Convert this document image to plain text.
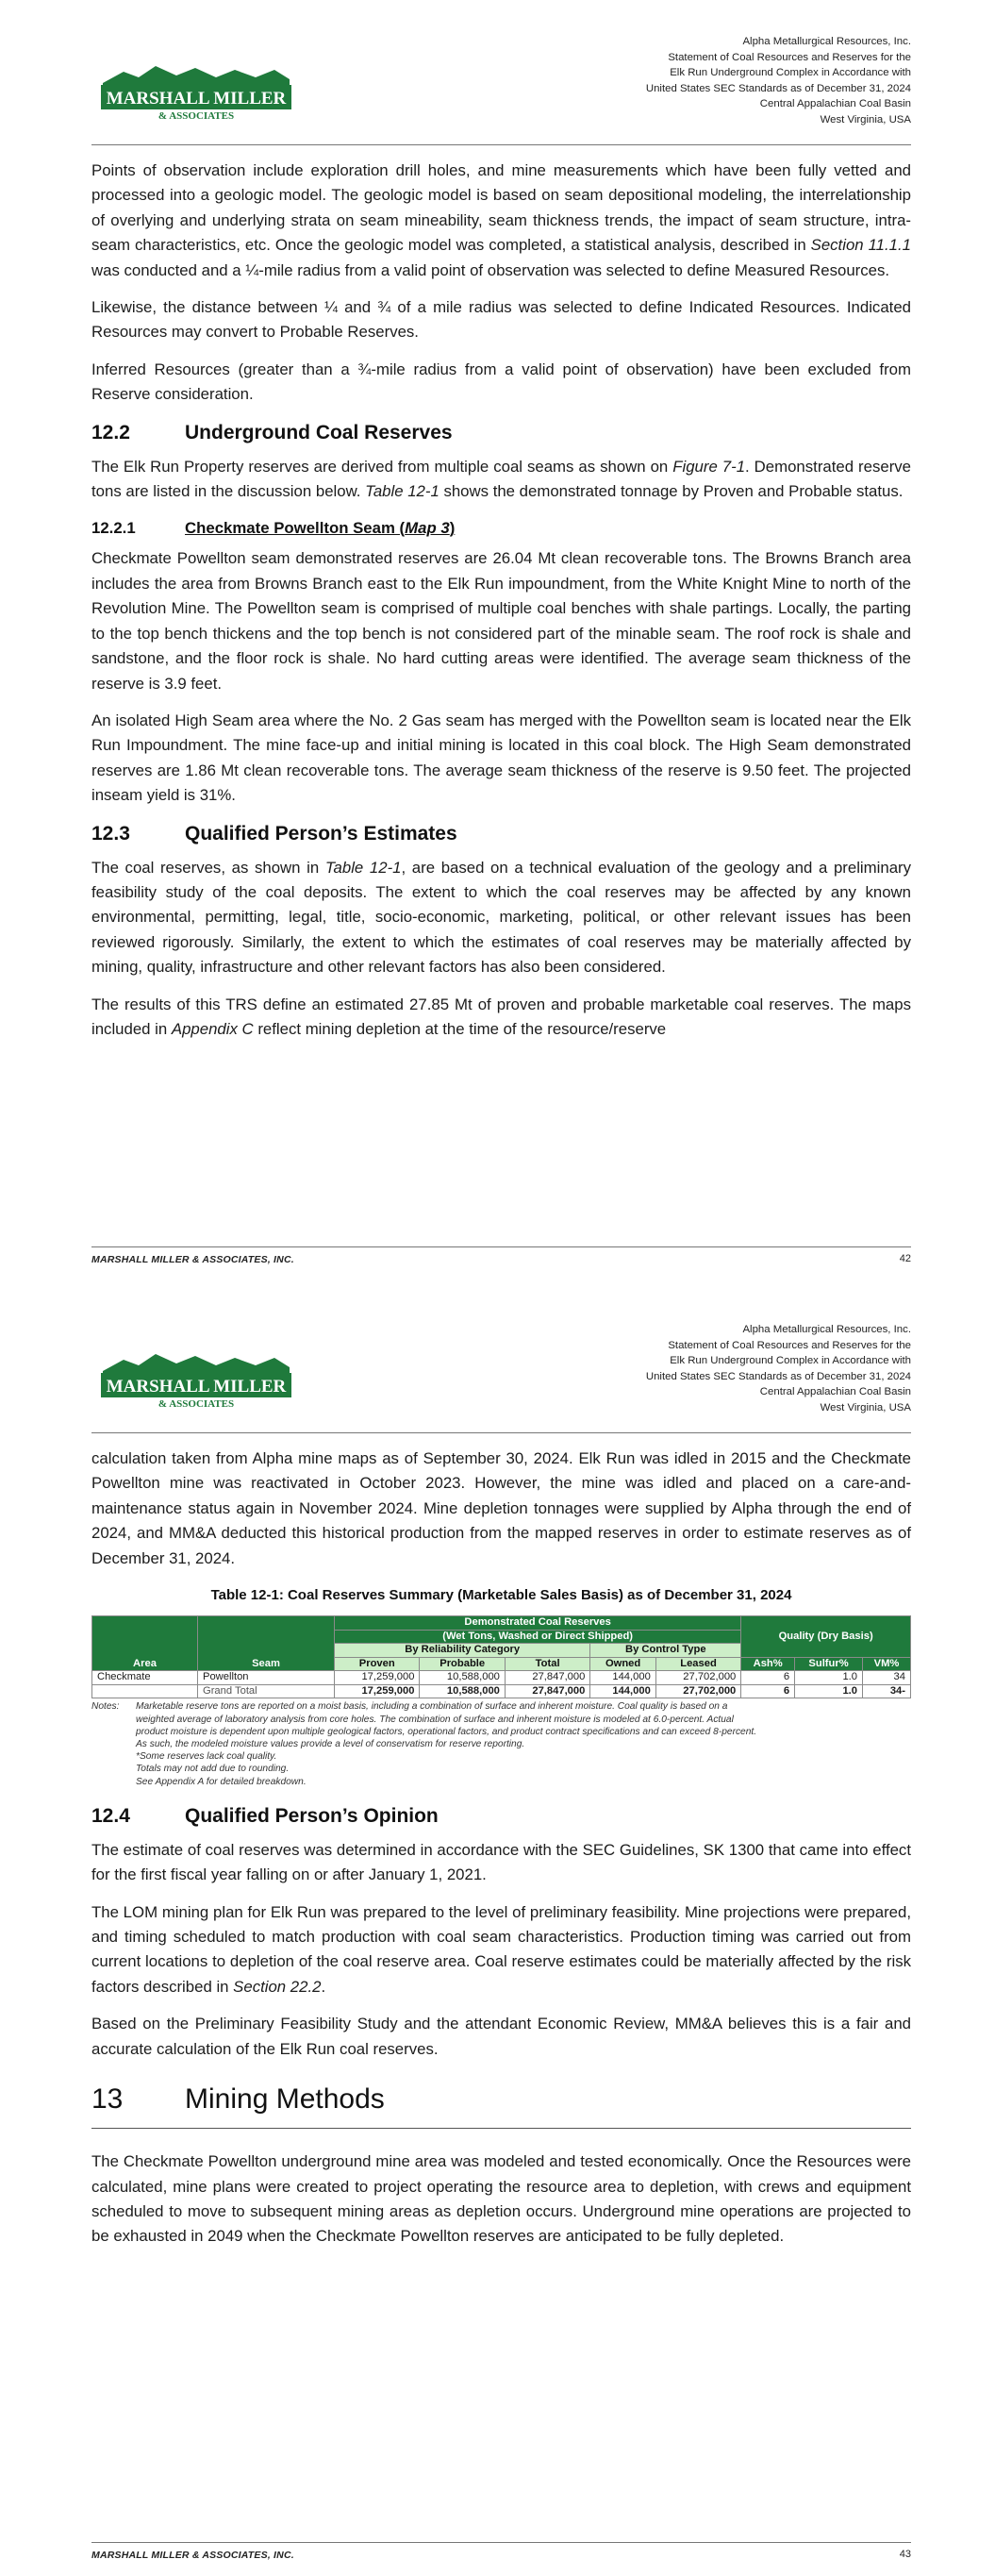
MARSHALL MILLER
& ASSOCIATES
Alpha Metallurgical Resources, Inc.
Statement of Coal Resources and Reserves for the
Elk Run Underground Complex in Accordance with
United States SEC Standards as of December 31, 2024
Central Appalachian Coal Basin
West Virginia, USA

Points of observation include exploration drill holes, and mine measurements which have been fully vetted and processed into a geologic model. The geologic model is based on seam depositional modeling, the interrelationship of overlying and underlying strata on seam mineability, seam thickness trends, the impact of seam structure, intra-seam characteristics, etc. Once the geologic model was completed, a statistical analysis, described in Section 11.1.1 was conducted and a ¼-mile radius from a valid point of observation was selected to define Measured Resources.

Likewise, the distance between ¼ and ¾ of a mile radius was selected to define Indicated Resources. Indicated Resources may convert to Probable Reserves.

Inferred Resources (greater than a ¾-mile radius from a valid point of observation) have been excluded from Reserve consideration.

12.2	Underground Coal Reserves

The Elk Run Property reserves are derived from multiple coal seams as shown on Figure 7-1. Demonstrated reserve tons are listed in the discussion below. Table 12-1 shows the demonstrated tonnage by Proven and Probable status.

12.2.1	Checkmate Powellton Seam (Map 3)

Checkmate Powellton seam demonstrated reserves are 26.04 Mt clean recoverable tons. The Browns Branch area includes the area from Browns Branch east to the Elk Run impoundment, from the White Knight Mine to north of the Revolution Mine. The Powellton seam is comprised of multiple coal benches with shale partings. Locally, the parting to the top bench thickens and the top bench is not considered part of the minable seam. The roof rock is shale and sandstone, and the floor rock is shale. No hard cutting areas were identified. The average seam thickness of the reserve is 3.9 feet.

An isolated High Seam area where the No. 2 Gas seam has merged with the Powellton seam is located near the Elk Run Impoundment. The mine face-up and initial mining is located in this coal block. The High Seam demonstrated reserves are 1.86 Mt clean recoverable tons. The average seam thickness of the reserve is 9.50 feet. The projected inseam yield is 31%.

12.3	Qualified Person’s Estimates

The coal reserves, as shown in Table 12-1, are based on a technical evaluation of the geology and a preliminary feasibility study of the coal deposits. The extent to which the coal reserves may be affected by any known environmental, permitting, legal, title, socio-economic, marketing, political, or other relevant issues has been reviewed rigorously. Similarly, the extent to which the estimates of coal reserves may be materially affected by mining, quality, infrastructure and other relevant factors has also been considered.

The results of this TRS define an estimated 27.85 Mt of proven and probable marketable coal reserves. The maps included in Appendix C reflect mining depletion at the time of the resource/reserve

MARSHALL MILLER & ASSOCIATES, INC.	42
MARSHALL MILLER
& ASSOCIATES
Alpha Metallurgical Resources, Inc.
Statement of Coal Resources and Reserves for the
Elk Run Underground Complex in Accordance with
United States SEC Standards as of December 31, 2024
Central Appalachian Coal Basin
West Virginia, USA

calculation taken from Alpha mine maps as of September 30, 2024. Elk Run was idled in 2015 and the Checkmate Powellton mine was reactivated in October 2023. However, the mine was idled and placed on a care-and-maintenance status again in November 2024. Mine depletion tonnages were supplied by Alpha through the end of 2024, and MM&A deducted this historical production from the mapped reserves in order to estimate reserves as of December 31, 2024.

Table 12-1: Coal Reserves Summary (Marketable Sales Basis) as of December 31, 2024
Area	Seam	Demonstrated Coal Reserves					Quality (Dry Basis)		
		(Wet Tons, Washed or Direct Shipped)							
		By Reliability Category			By Control Type				
		Proven	Probable	Total	Owned	Leased	Ash%	Sulfur%	VM%
Checkmate	Powellton	17,259,000	10,588,000	27,847,000	144,000	27,702,000	6	1.0	34
	Grand Total	17,259,000	10,588,000	27,847,000	144,000	27,702,000	6	1.0	34-
Notes:	Marketable reserve tons are reported on a moist basis, including a combination of surface and inherent moisture. Coal quality is based on a
weighted average of laboratory analysis from core holes. The combination of surface and inherent moisture is modeled at 6.0-percent. Actual
product moisture is dependent upon multiple geological factors, operational factors, and product contract specifications and can exceed 8-percent.
As such, the modeled moisture values provide a level of conservatism for reserve reporting.
*Some reserves lack coal quality.
Totals may not add due to rounding.
See Appendix A for detailed breakdown.
12.4	Qualified Person’s Opinion

The estimate of coal reserves was determined in accordance with the SEC Guidelines, SK 1300 that came into effect for the first fiscal year falling on or after January 1, 2021.

The LOM mining plan for Elk Run was prepared to the level of preliminary feasibility. Mine projections were prepared, and timing scheduled to match production with coal seam characteristics. Production timing was carried out from current locations to depletion of the coal reserve area. Coal reserve estimates could be materially affected by the risk factors described in Section 22.2.

Based on the Preliminary Feasibility Study and the attendant Economic Review, MM&A believes this is a fair and accurate calculation of the Elk Run coal reserves.

13	Mining Methods

The Checkmate Powellton underground mine area was modeled and tested economically. Once the Resources were calculated, mine plans were created to project operating the resource area to depletion, with crews and equipment scheduled to move to subsequent mining areas as depletion occurs. Underground mine operations are projected to be exhausted in 2049 when the Checkmate Powellton reserves are anticipated to be fully depleted.

MARSHALL MILLER & ASSOCIATES, INC.	43
